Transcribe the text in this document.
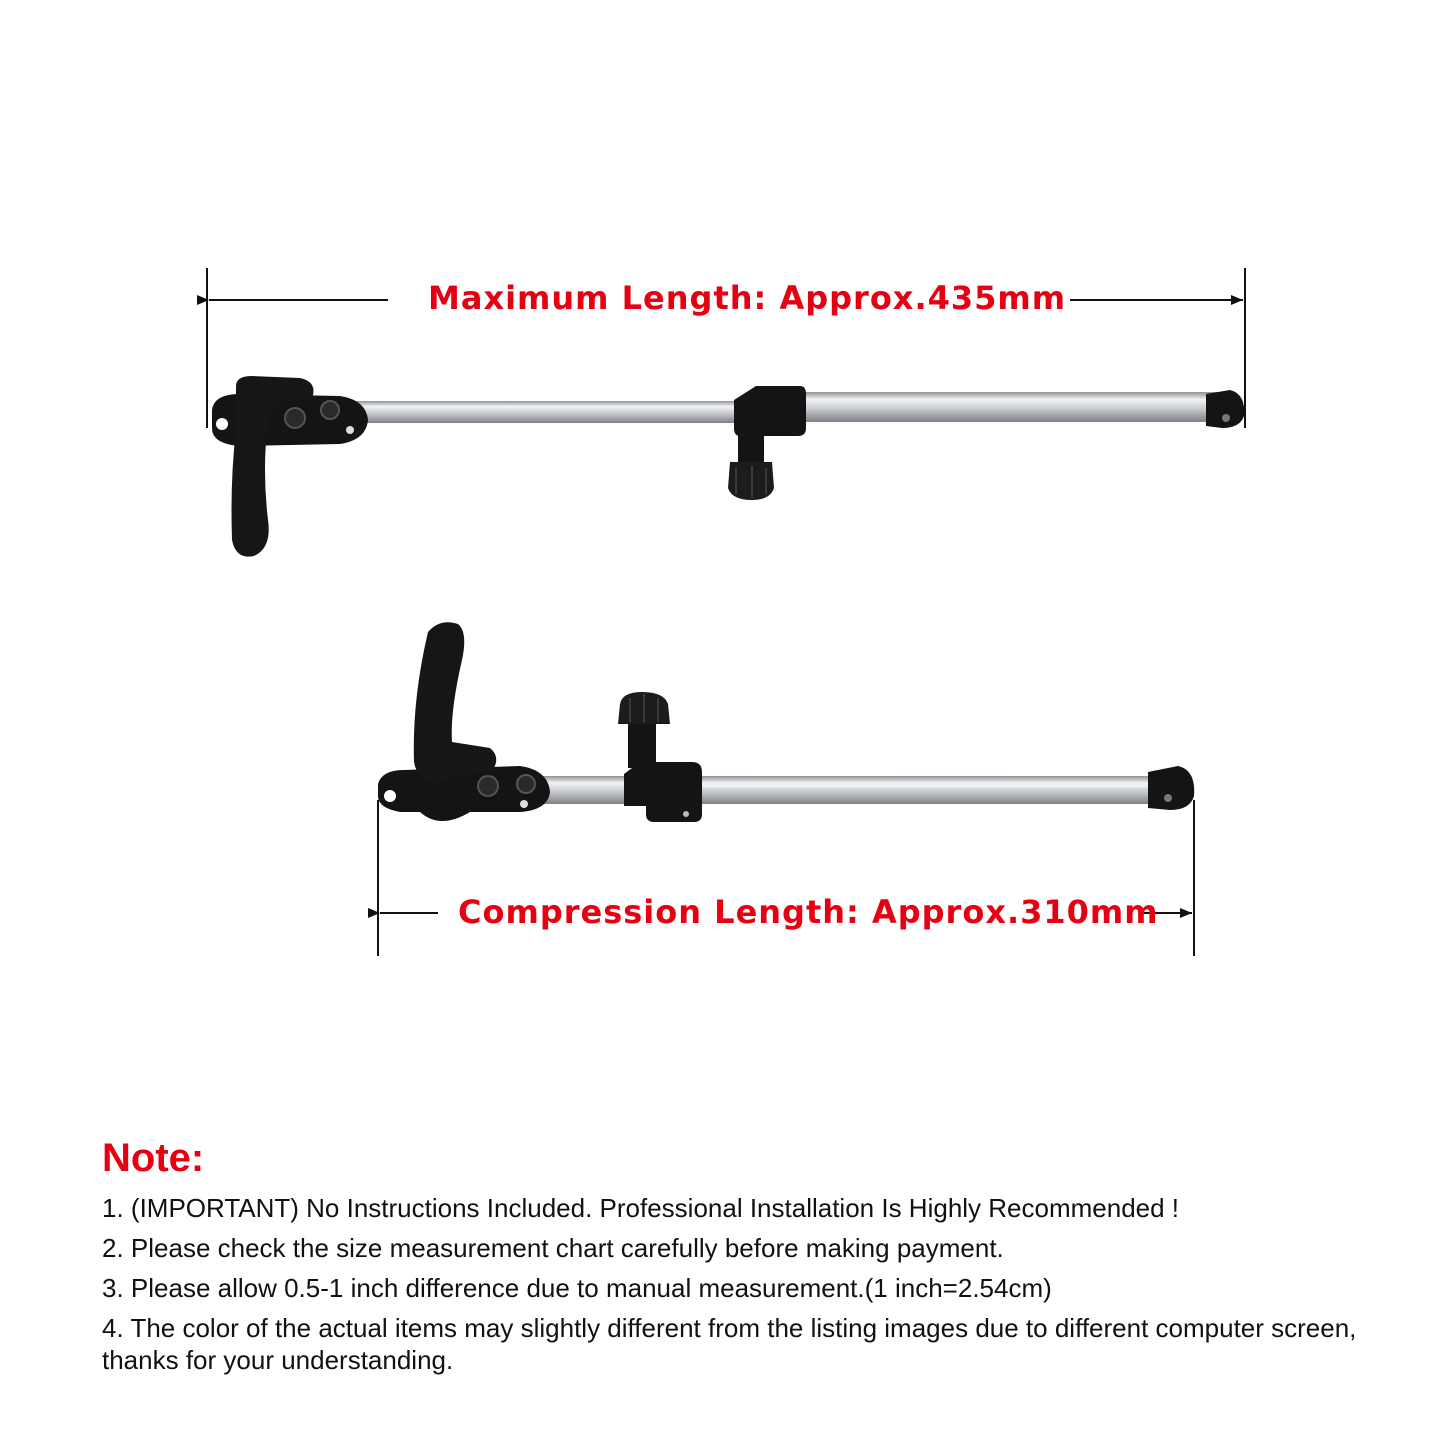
Maximum Length: Approx.435mm
Compression Length: Approx.310mm
Note:
1. (IMPORTANT) No Instructions Included. Professional Installation Is Highly Recommended !
2. Please check the size measurement chart carefully before making payment.
3. Please allow 0.5-1 inch difference due to manual measurement.(1 inch=2.54cm)
4. The color of the actual items may slightly different from the listing images due to different computer screen, thanks for your understanding.
